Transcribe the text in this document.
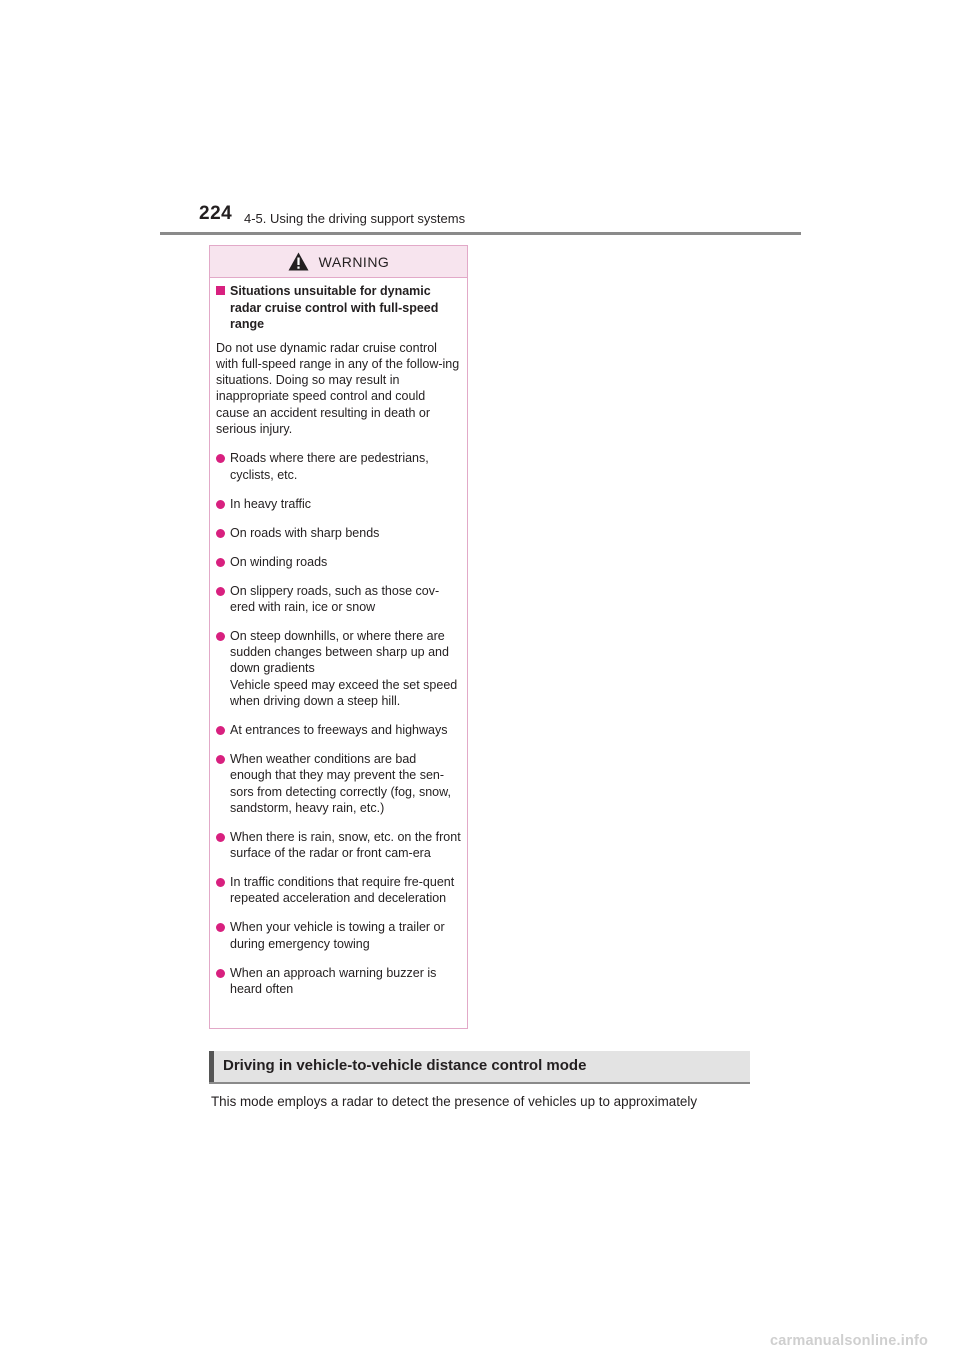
224 4-5. Using the driving support systems
WARNING
Situations unsuitable for dynamic radar cruise control with full-speed range

Do not use dynamic radar cruise control with full-speed range in any of the follow-ing situations. Doing so may result in inappropriate speed control and could cause an accident resulting in death or serious injury.

Roads where there are pedestrians, cyclists, etc.
In heavy traffic
On roads with sharp bends
On winding roads
On slippery roads, such as those cov-ered with rain, ice or snow
On steep downhills, or where there are sudden changes between sharp up and down gradients
Vehicle speed may exceed the set speed when driving down a steep hill.
At entrances to freeways and highways
When weather conditions are bad enough that they may prevent the sen-sors from detecting correctly (fog, snow, sandstorm, heavy rain, etc.)
When there is rain, snow, etc. on the front surface of the radar or front cam-era
In traffic conditions that require fre-quent repeated acceleration and deceleration
When your vehicle is towing a trailer or during emergency towing
When an approach warning buzzer is heard often
Driving in vehicle-to-vehicle distance control mode
This mode employs a radar to detect the presence of vehicles up to approximately
carmanualsonline.info
